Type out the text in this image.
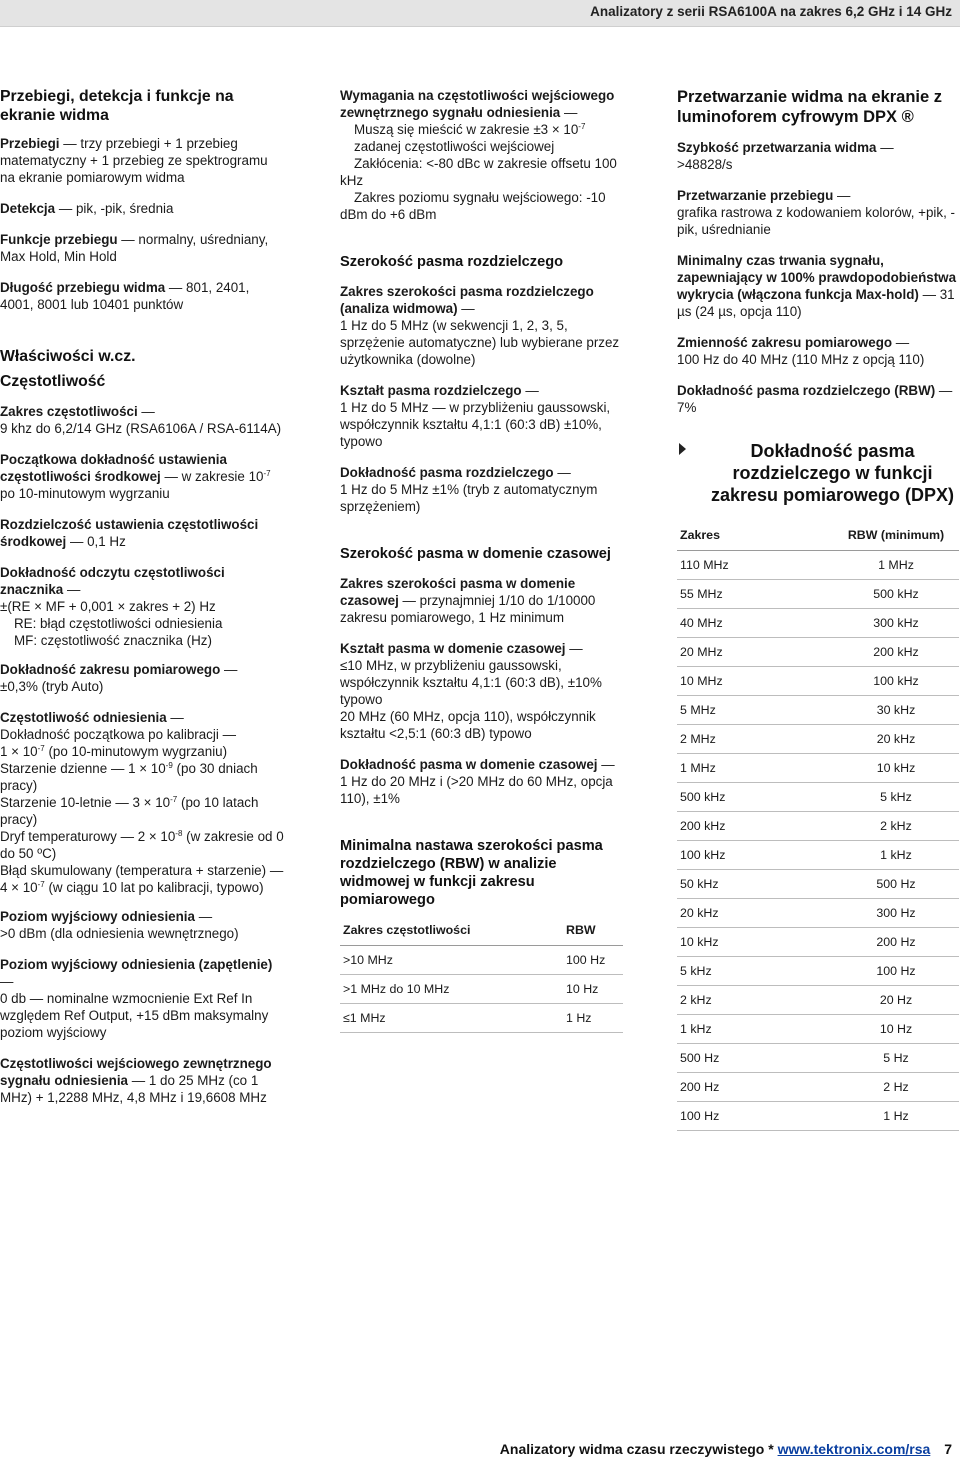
Analizatory z serii RSA6100A na zakres 6,2 GHz i 14 GHz
Przebiegi, detekcja i funkcje na ekranie widma

Przebiegi — trzy przebiegi + 1 przebieg matematyczny + 1 przebieg ze spektrogramu na ekranie pomiarowym widma

Detekcja — pik, -pik, średnia

Funkcje przebiegu — normalny, uśredniany, Max Hold, Min Hold

Długość przebiegu widma — 801, 2401, 4001, 8001 lub 10401 punktów

Właściwości w.cz.
Częstotliwość

Zakres częstotliwości —
9 khz do 6,2/14 GHz (RSA6106A / RSA-6114A)

Początkowa dokładność ustawienia częstotliwości środkowej — w zakresie $10^{-7}$ po 10-minutowym wygrzaniu

Rozdzielczość ustawienia częstotliwości środkowej — 0,1 Hz

Dokładność odczytu częstotliwości znacznika —
±(RE × MF + 0,001 × zakres + 2) Hz
RE: błąd częstotliwości odniesienia
MF: częstotliwość znacznika (Hz)

Dokładność zakresu pomiarowego —
±0,3% (tryb Auto)

Częstotliwość odniesienia —
Dokładność początkowa po kalibracji —
$1 \times 10^{-7}$ (po 10-minutowym wygrzaniu)
Starzenie dzienne — $1 \times 10^{-9}$ (po 30 dniach pracy)
Starzenie 10-letnie — $3 \times 10^{-7}$ (po 10 latach pracy)
Dryf temperaturowy — $2 \times 10^{-8}$ (w zakresie od 0 do 50 ºC)
Błąd skumulowany (temperatura + starzenie) — $4 \times 10^{-7}$ (w ciągu 10 lat po kalibracji, typowo)

Poziom wyjściowy odniesienia —
>0 dBm (dla odniesienia wewnętrznego)

Poziom wyjściowy odniesienia (zapętlenie) —
0 db — nominalne wzmocnienie Ext Ref In względem Ref Output, +15 dBm maksymalny poziom wyjściowy

Częstotliwości wejściowego zewnętrznego sygnału odniesienia — 1 do 25 MHz (co 1 MHz) + 1,2288 MHz, 4,8 MHz i 19,6608 MHz

Wymagania na częstotliwości wejściowego zewnętrznego sygnału odniesienia —
Muszą się mieścić w zakresie $\pm 3 \times 10^{-7}$
zadanej częstotliwości wejściowej
Zakłócenia: <-80 dBc w zakresie offsetu 100 kHz
Zakres poziomu sygnału wejściowego: -10 dBm do +6 dBm

Szerokość pasma rozdzielczego

Zakres szerokości pasma rozdzielczego (analiza widmowa) —
1 Hz do 5 MHz (w sekwencji 1, 2, 3, 5, sprzężenie automatyczne) lub wybierane przez użytkownika (dowolne)

Kształt pasma rozdzielczego —
1 Hz do 5 MHz — w przybliżeniu gaussowski, współczynnik kształtu 4,1:1 (60:3 dB) ±10%, typowo

Dokładność pasma rozdzielczego —
1 Hz do 5 MHz ±1% (tryb z automatycznym sprzężeniem)

Szerokość pasma w domenie czasowej

Zakres szerokości pasma w domenie czasowej — przynajmniej 1/10 do 1/10000 zakresu pomiarowego, 1 Hz minimum

Kształt pasma w domenie czasowej —
≤10 MHz, w przybliżeniu gaussowski, współczynnik kształtu 4,1:1 (60:3 dB), ±10% typowo
20 MHz (60 MHz, opcja 110), współczynnik kształtu <2,5:1 (60:3 dB) typowo

Dokładność pasma w domenie czasowej —
1 Hz do 20 MHz i (>20 MHz do 60 MHz, opcja 110), ±1%

Minimalna nastawa szerokości pasma rozdzielczego (RBW) w analizie widmowej w funkcji zakresu pomiarowego
Zakres częstotliwości	RBW
>10 MHz	100 Hz
>1 MHz do 10 MHz	10 Hz
≤1 MHz	1 Hz
Przetwarzanie widma na ekranie z luminoforem cyfrowym DPX ®

Szybkość przetwarzania widma —
>48828/s

Przetwarzanie przebiegu —
grafika rastrowa z kodowaniem kolorów, +pik, -pik, uśrednianie

Minimalny czas trwania sygnału, zapewniający w 100% prawdopodobieństwa wykrycia (włączona funkcja Max-hold) — 31 µs (24 µs, opcja 110)

Zmienność zakresu pomiarowego —
100 Hz do 40 MHz (110 MHz z opcją 110)

Dokładność pasma rozdzielczego (RBW) — 7%

Dokładność pasma rozdzielczego w funkcji zakresu pomiarowego (DPX)
Zakres	RBW (minimum)
110 MHz	1 MHz
55 MHz	500 kHz
40 MHz	300 kHz
20 MHz	200 kHz
10 MHz	100 kHz
5 MHz	30 kHz
2 MHz	20 kHz
1 MHz	10 kHz
500 kHz	5 kHz
200 kHz	2 kHz
100 kHz	1 kHz
50 kHz	500 Hz
20 kHz	300 Hz
10 kHz	200 Hz
5 kHz	100 Hz
2 kHz	20 Hz
1 kHz	10 Hz
500 Hz	5 Hz
200 Hz	2 Hz
100 Hz	1 Hz
Analizatory widma czasu rzeczywistego * www.tektronix.com/rsa 7
